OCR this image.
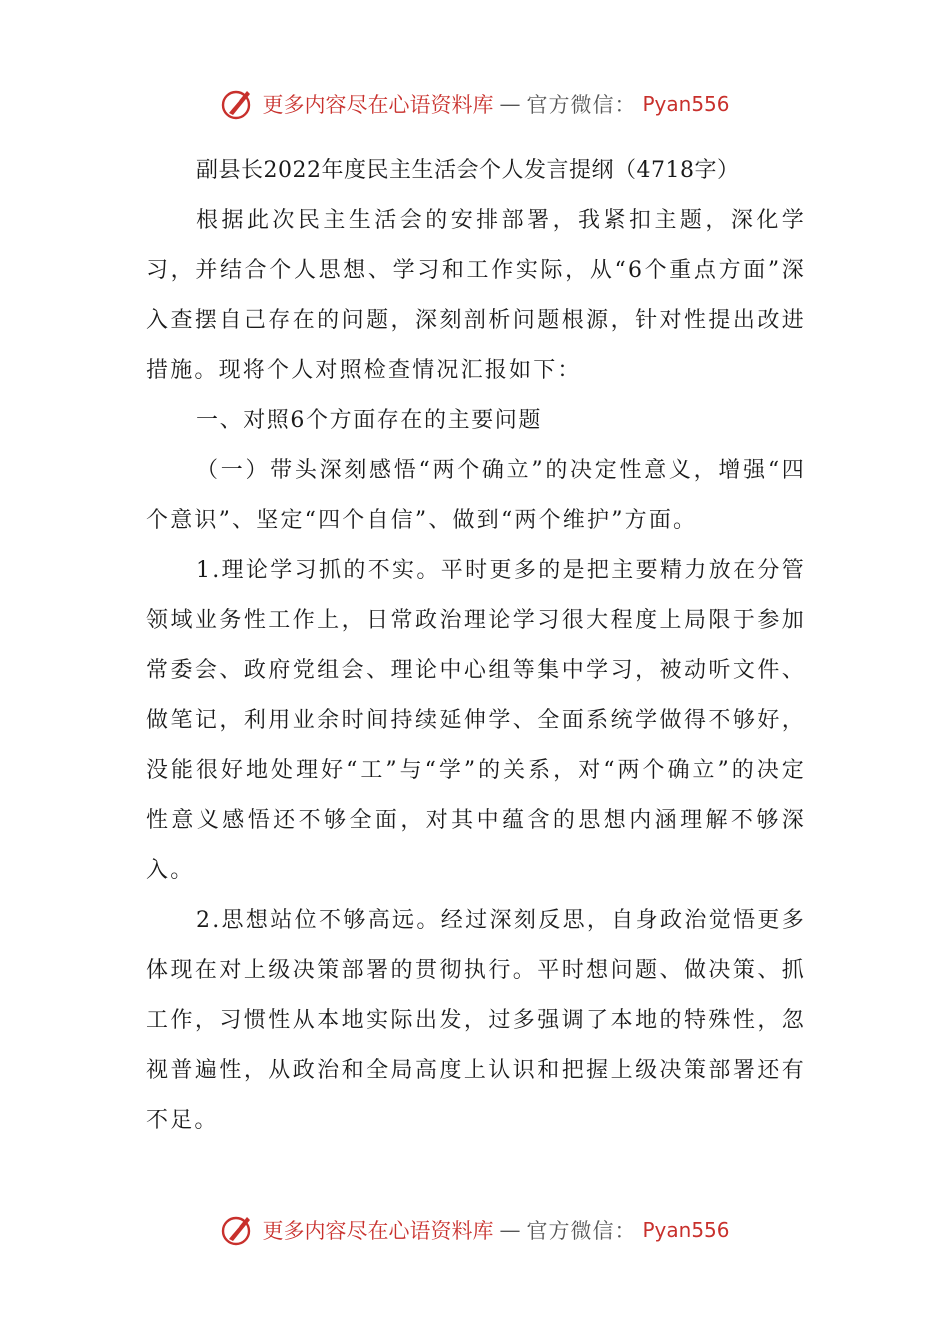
更多内容尽在心语资料库 — 官方微信： Pyan556
副县长2022年度民主生活会个人发言提纲（4718字）

根据此次民主生活会的安排部署，我紧扣主题，深化学习，并结合个人思想、学习和工作实际，从“6个重点方面”深入查摆自己存在的问题，深刻剖析问题根源，针对性提出改进措施。现将个人对照检查情况汇报如下：

一、对照6个方面存在的主要问题

（一）带头深刻感悟“两个确立”的决定性意义，增强“四个意识”、坚定“四个自信”、做到“两个维护”方面。

1.理论学习抓的不实。平时更多的是把主要精力放在分管领域业务性工作上，日常政治理论学习很大程度上局限于参加常委会、政府党组会、理论中心组等集中学习，被动听文件、做笔记，利用业余时间持续延伸学、全面系统学做得不够好，没能很好地处理好“工”与“学”的关系，对“两个确立”的决定性意义感悟还不够全面，对其中蕴含的思想内涵理解不够深入。

2.思想站位不够高远。经过深刻反思，自身政治觉悟更多体现在对上级决策部署的贯彻执行。平时想问题、做决策、抓工作，习惯性从本地实际出发，过多强调了本地的特殊性，忽视普遍性，从政治和全局高度上认识和把握上级决策部署还有不足。

更多内容尽在心语资料库 — 官方微信： Pyan556
